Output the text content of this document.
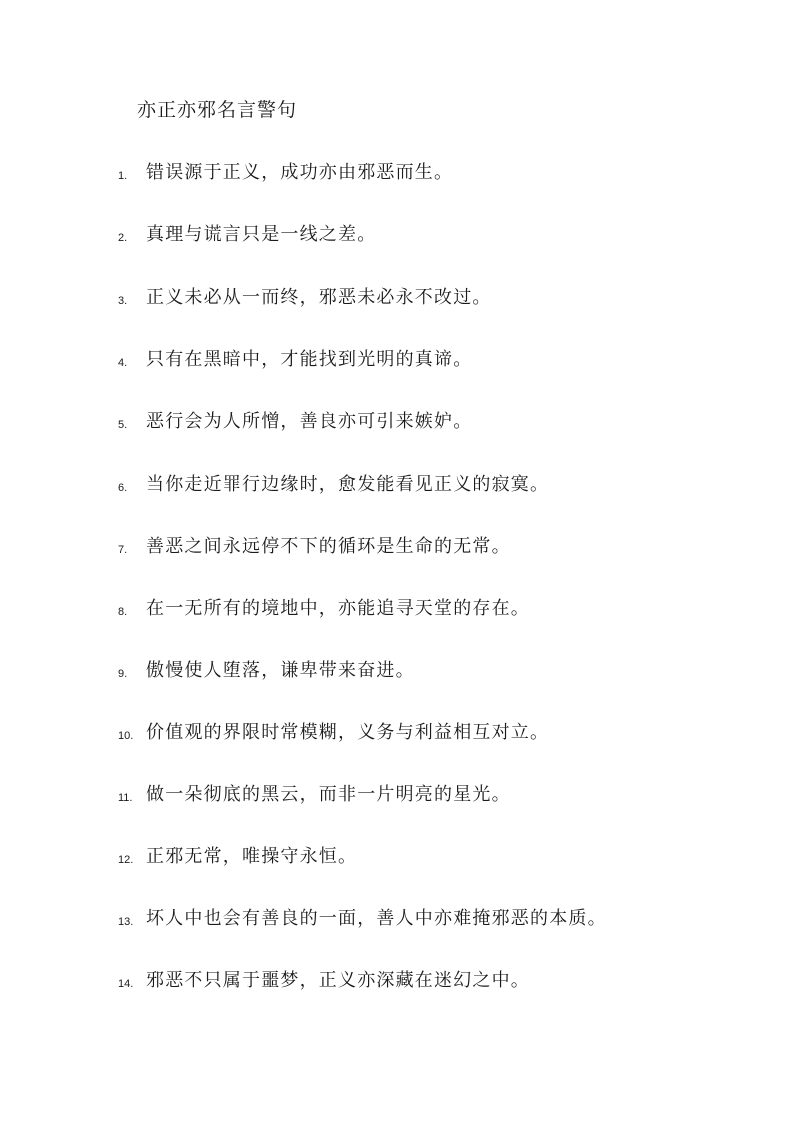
亦正亦邪名言警句
1. 错误源于正义，成功亦由邪恶而生。
2. 真理与谎言只是一线之差。
3. 正义未必从一而终，邪恶未必永不改过。
4. 只有在黑暗中，才能找到光明的真谛。
5. 恶行会为人所憎，善良亦可引来嫉妒。
6. 当你走近罪行边缘时，愈发能看见正义的寂寞。
7. 善恶之间永远停不下的循环是生命的无常。
8. 在一无所有的境地中，亦能追寻天堂的存在。
9. 傲慢使人堕落，谦卑带来奋进。
10. 价值观的界限时常模糊，义务与利益相互对立。
11. 做一朵彻底的黑云，而非一片明亮的星光。
12. 正邪无常，唯操守永恒。
13. 坏人中也会有善良的一面，善人中亦难掩邪恶的本质。
14. 邪恶不只属于噩梦，正义亦深藏在迷幻之中。
